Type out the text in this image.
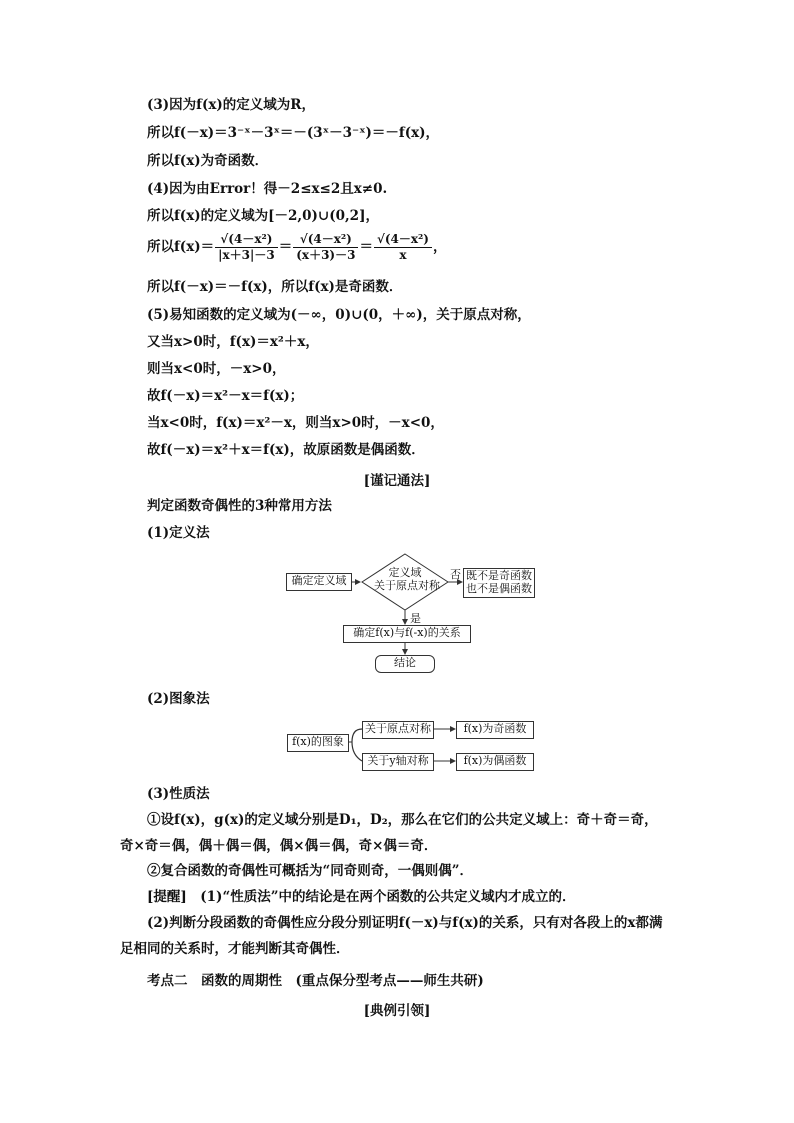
(3)因为f(x)的定义域为R，
所以f(－x)＝3⁻ˣ－3ˣ＝－(3ˣ－3⁻ˣ)＝－f(x)，
所以f(x)为奇函数．
(4)因为由Error！得－2≤x≤2且x≠0.
所以f(x)的定义域为[－2,0)∪(0,2]，
所以$f(x)= \frac{\text{√(4－x²)}}{|x+3|-3} = \frac{\text{√(4－x²)}}{(x+3)-3} = \frac{\text{√(4－x²)}}{x}$ ，
所以f(－x)＝－f(x)，所以f(x)是奇函数．
(5)易知函数的定义域为(－∞，0)∪(0，＋∞)，关于原点对称，
又当x>0时，f(x)＝x²＋x，
则当x<0时，－x>0，
故f(－x)＝x²－x＝f(x)；
当x<0时，f(x)＝x²－x，则当x>0时，－x<0，
故f(－x)＝x²＋x＝f(x)，故原函数是偶函数．
[谨记通法]
判定函数奇偶性的3种常用方法
(1)定义法
确定定义域
定义域
关于原点对称
否 既不是奇函数
也不是偶函数
是
确定f(x)与f(-x)的关系
结论
(2)图象法
f(x)的图象
关于原点对称	f(x)为奇函数
关于y轴对称	f(x)为偶函数
(3)性质法
①设f(x)，g(x)的定义域分别是D₁，D₂，那么在它们的公共定义域上：奇＋奇＝奇，
奇×奇＝偶，偶＋偶＝偶，偶×偶＝偶，奇×偶＝奇．
②复合函数的奇偶性可概括为“同奇则奇，一偶则偶”．
[提醒]　(1)“性质法”中的结论是在两个函数的公共定义域内才成立的．
(2)判断分段函数的奇偶性应分段分别证明f(－x)与f(x)的关系，只有对各段上的x都满
足相同的关系时，才能判断其奇偶性．
考点二　函数的周期性　(重点保分型考点——师生共研)
[典例引领]
